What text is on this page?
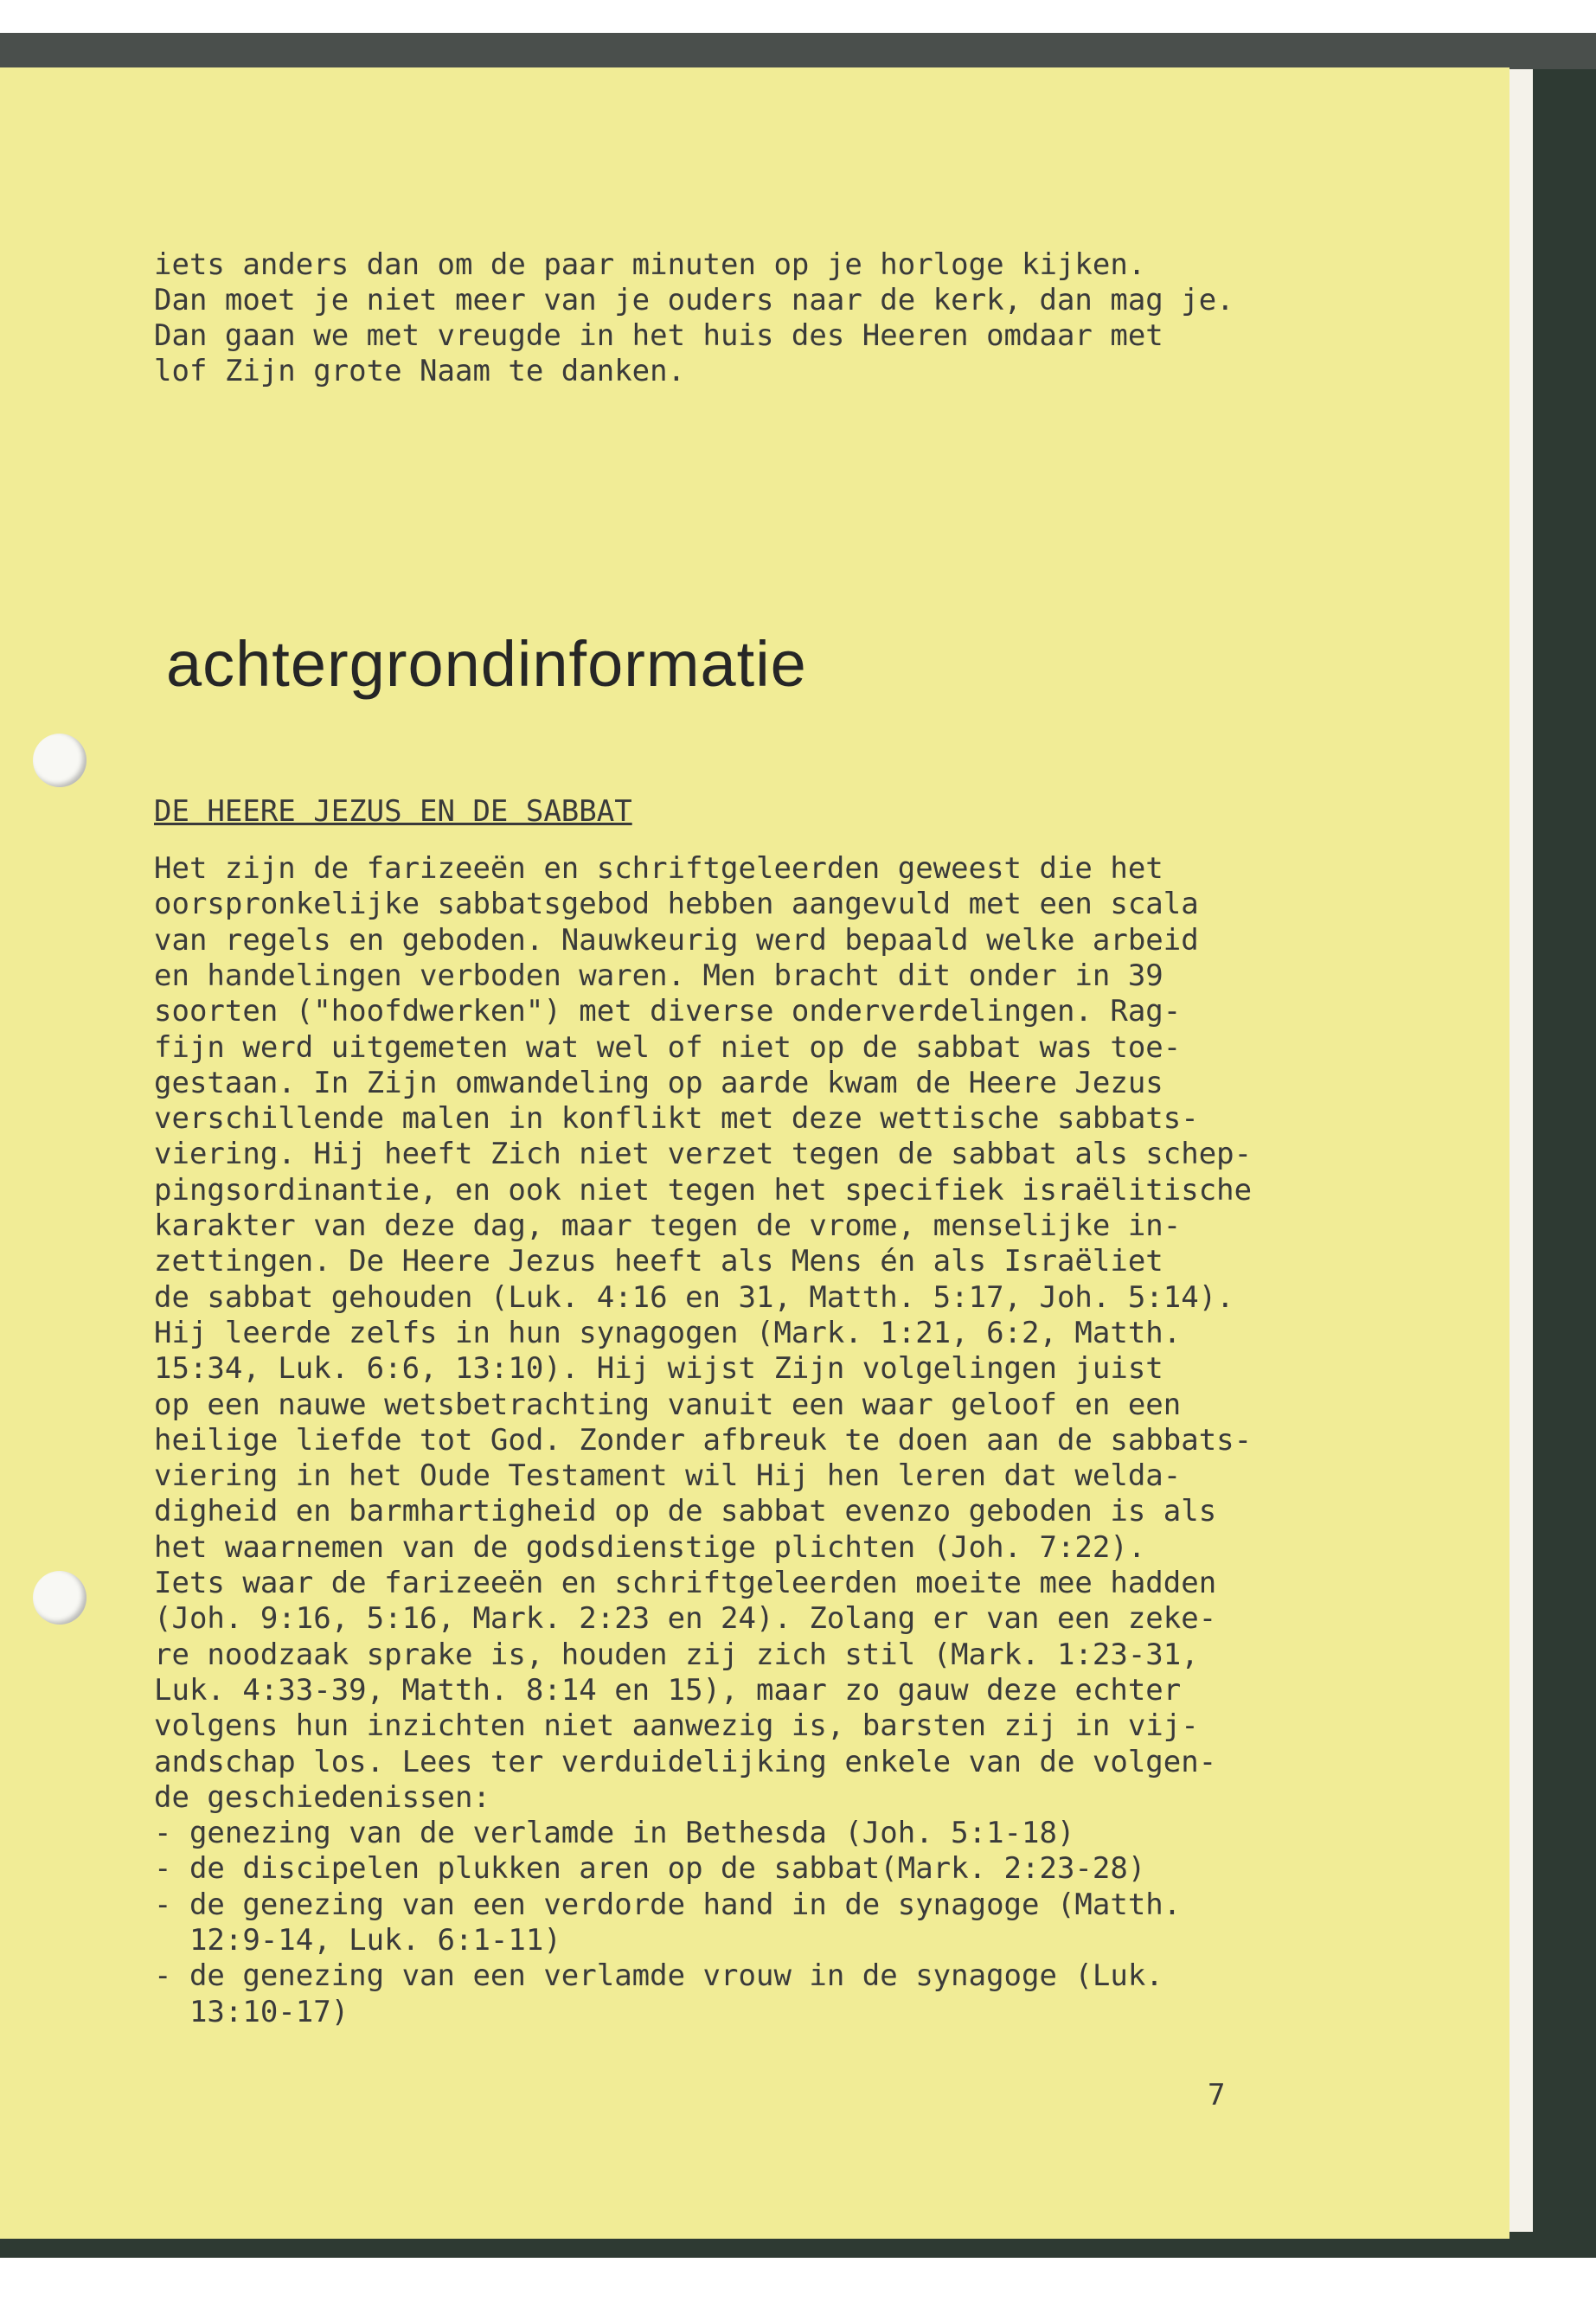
iets anders dan om de paar minuten op je horloge kijken.

Dan moet je niet meer van je ouders naar de kerk, dan mag je.

Dan gaan we met vreugde in het huis des Heeren omdaar met

lof Zijn grote Naam te danken.

achtergrondinformatie

DE HEERE JEZUS EN DE SABBAT

Het zijn de farizeeën en schriftgeleerden geweest die het

oorspronkelijke sabbatsgebod hebben aangevuld met een scala

van regels en geboden. Nauwkeurig werd bepaald welke arbeid

en handelingen verboden waren. Men bracht dit onder in 39

soorten ("hoofdwerken") met diverse onderverdelingen. Rag-

fijn werd uitgemeten wat wel of niet op de sabbat was toe-

gestaan. In Zijn omwandeling op aarde kwam de Heere Jezus

verschillende malen in konflikt met deze wettische sabbats-

viering. Hij heeft Zich niet verzet tegen de sabbat als schep-

pingsordinantie, en ook niet tegen het specifiek israëlitische

karakter van deze dag, maar tegen de vrome, menselijke in-

zettingen. De Heere Jezus heeft als Mens én als Israëliet

de sabbat gehouden (Luk. 4:16 en 31, Matth. 5:17, Joh. 5:14).

Hij leerde zelfs in hun synagogen (Mark. 1:21, 6:2, Matth.

15:34, Luk. 6:6, 13:10). Hij wijst Zijn volgelingen juist

op een nauwe wetsbetrachting vanuit een waar geloof en een

heilige liefde tot God. Zonder afbreuk te doen aan de sabbats-

viering in het Oude Testament wil Hij hen leren dat welda-

digheid en barmhartigheid op de sabbat evenzo geboden is als

het waarnemen van de godsdienstige plichten (Joh. 7:22).

Iets waar de farizeeën en schriftgeleerden moeite mee hadden

(Joh. 9:16, 5:16, Mark. 2:23 en 24). Zolang er van een zeke-

re noodzaak sprake is, houden zij zich stil (Mark. 1:23-31,

Luk. 4:33-39, Matth. 8:14 en 15), maar zo gauw deze echter

volgens hun inzichten niet aanwezig is, barsten zij in vij-

andschap los. Lees ter verduidelijking enkele van de volgen-

de geschiedenissen:

- genezing van de verlamde in Bethesda (Joh. 5:1-18)

- de discipelen plukken aren op de sabbat(Mark. 2:23-28)

- de genezing van een verdorde hand in de synagoge (Matth.

12:9-14, Luk. 6:1-11)

- de genezing van een verlamde vrouw in de synagoge (Luk.

13:10-17)

7
